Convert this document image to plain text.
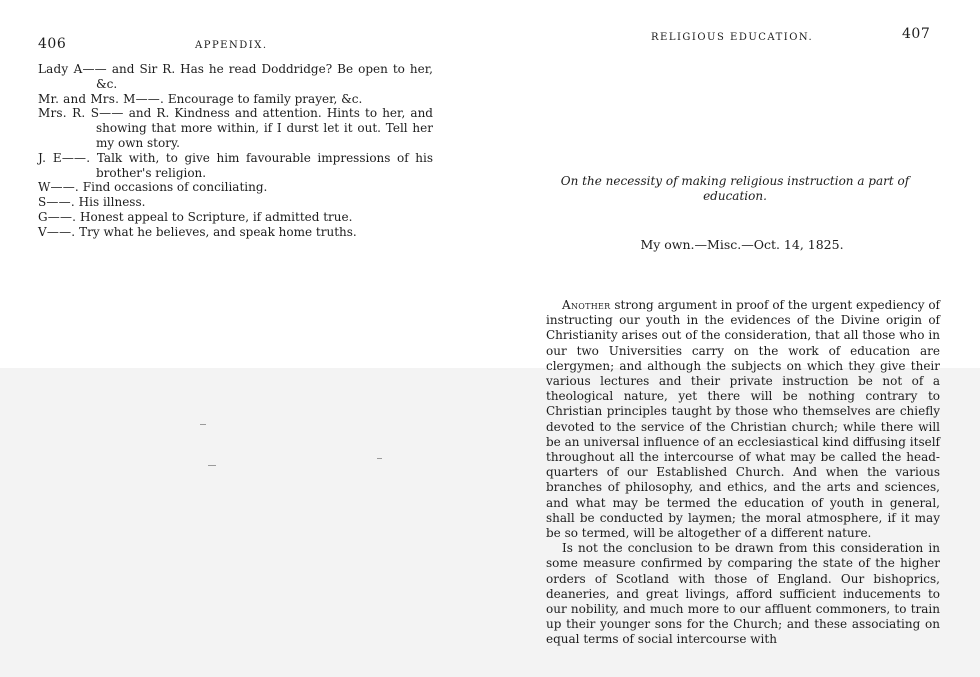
406	APPENDIX.
Lady A—— and Sir R. Has he read Doddridge? Be open to her, &c.
Mr. and Mrs. M——. Encourage to family prayer, &c.
Mrs. R. S—— and R. Kindness and attention. Hints to her, and showing that more within, if I durst let it out. Tell her my own story.
J. E——. Talk with, to give him favourable impressions of his brother's religion.
W——. Find occasions of conciliating.
S——. His illness.
G——. Honest appeal to Scripture, if admitted true.
V——. Try what he believes, and speak home truths.
RELIGIOUS EDUCATION.	407
On the necessity of making religious instruction a part of education.
My own.—Misc.—Oct. 14, 1825.

Another strong argument in proof of the urgent expediency of instructing our youth in the evidences of the Divine origin of Christianity arises out of the consideration, that all those who in our two Universities carry on the work of education are clergymen; and although the subjects on which they give their various lectures and their private instruction be not of a theological nature, yet there will be nothing contrary to Christian principles taught by those who themselves are chiefly devoted to the service of the Christian church; while there will be an universal influence of an ecclesiastical kind diffusing itself throughout all the intercourse of what may be called the head-quarters of our Established Church. And when the various branches of philosophy, and ethics, and the arts and sciences, and what may be termed the education of youth in general, shall be conducted by laymen; the moral atmosphere, if it may be so termed, will be altogether of a different nature.

Is not the conclusion to be drawn from this consideration in some measure confirmed by comparing the state of the higher orders of Scotland with those of England. Our bishoprics, deaneries, and great livings, afford sufficient inducements to our nobility, and much more to our affluent commoners, to train up their younger sons for the Church; and these associating on equal terms of social intercourse with
